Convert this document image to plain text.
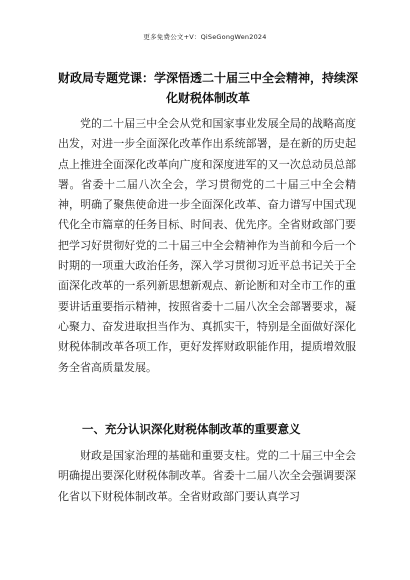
更多免费公文+V：QiSeGongWen2024
财政局专题党课：学深悟透二十届三中全会精神，持续深化财税体制改革
党的二十届三中全会从党和国家事业发展全局的战略高度出发，对进一步全面深化改革作出系统部署，是在新的历史起点上推进全面深化改革向广度和深度进军的又一次总动员总部署。省委十二届八次全会，学习贯彻党的二十届三中全会精神，明确了聚焦使命进一步全面深化改革、奋力谱写中国式现代化全市篇章的任务目标、时间表、优先序。全省财政部门要把学习好贯彻好党的二十届三中全会精神作为当前和今后一个时期的一项重大政治任务，深入学习贯彻习近平总书记关于全面深化改革的一系列新思想新观点、新论断和对全市工作的重要讲话重要指示精神，按照省委十二届八次全会部署要求，凝心聚力、奋发进取担当作为、真抓实干，特别是全面做好深化财税体制改革各项工作，更好发挥财政职能作用，提质增效服务全省高质量发展。
一、充分认识深化财税体制改革的重要意义
财政是国家治理的基础和重要支柱。党的二十届三中全会明确提出要深化财税体制改革。省委十二届八次全会强调要深化省以下财税体制改革。全省财政部门要认真学习
